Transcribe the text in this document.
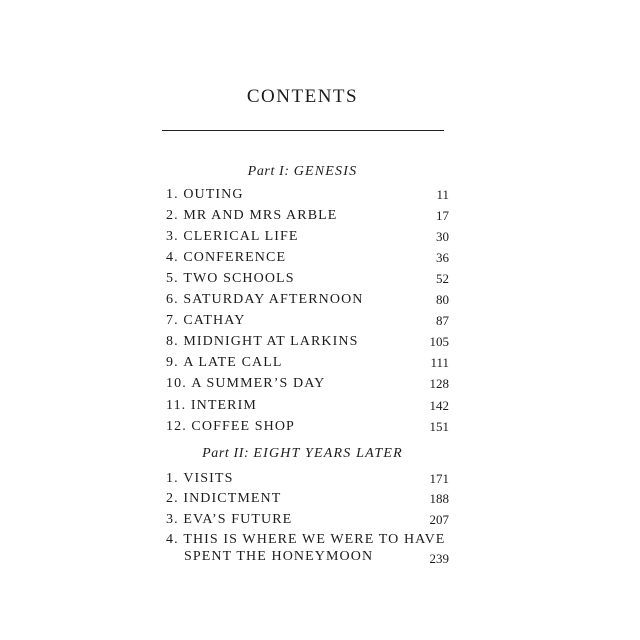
CONTENTS
Part I: GENESIS
1. OUTING	11
2. MR AND MRS ARBLE	17
3. CLERICAL LIFE	30
4. CONFERENCE	36
5. TWO SCHOOLS	52
6. SATURDAY AFTERNOON	80
7. CATHAY	87
8. MIDNIGHT AT LARKINS	105
9. A LATE CALL	111
10. A SUMMER’S DAY	128
11. INTERIM	142
12. COFFEE SHOP	151
Part II: EIGHT YEARS LATER
1. VISITS	171
2. INDICTMENT	188
3. EVA’S FUTURE	207
4. THIS IS WHERE WE WERE TO HAVE
SPENT THE HONEYMOON	239
